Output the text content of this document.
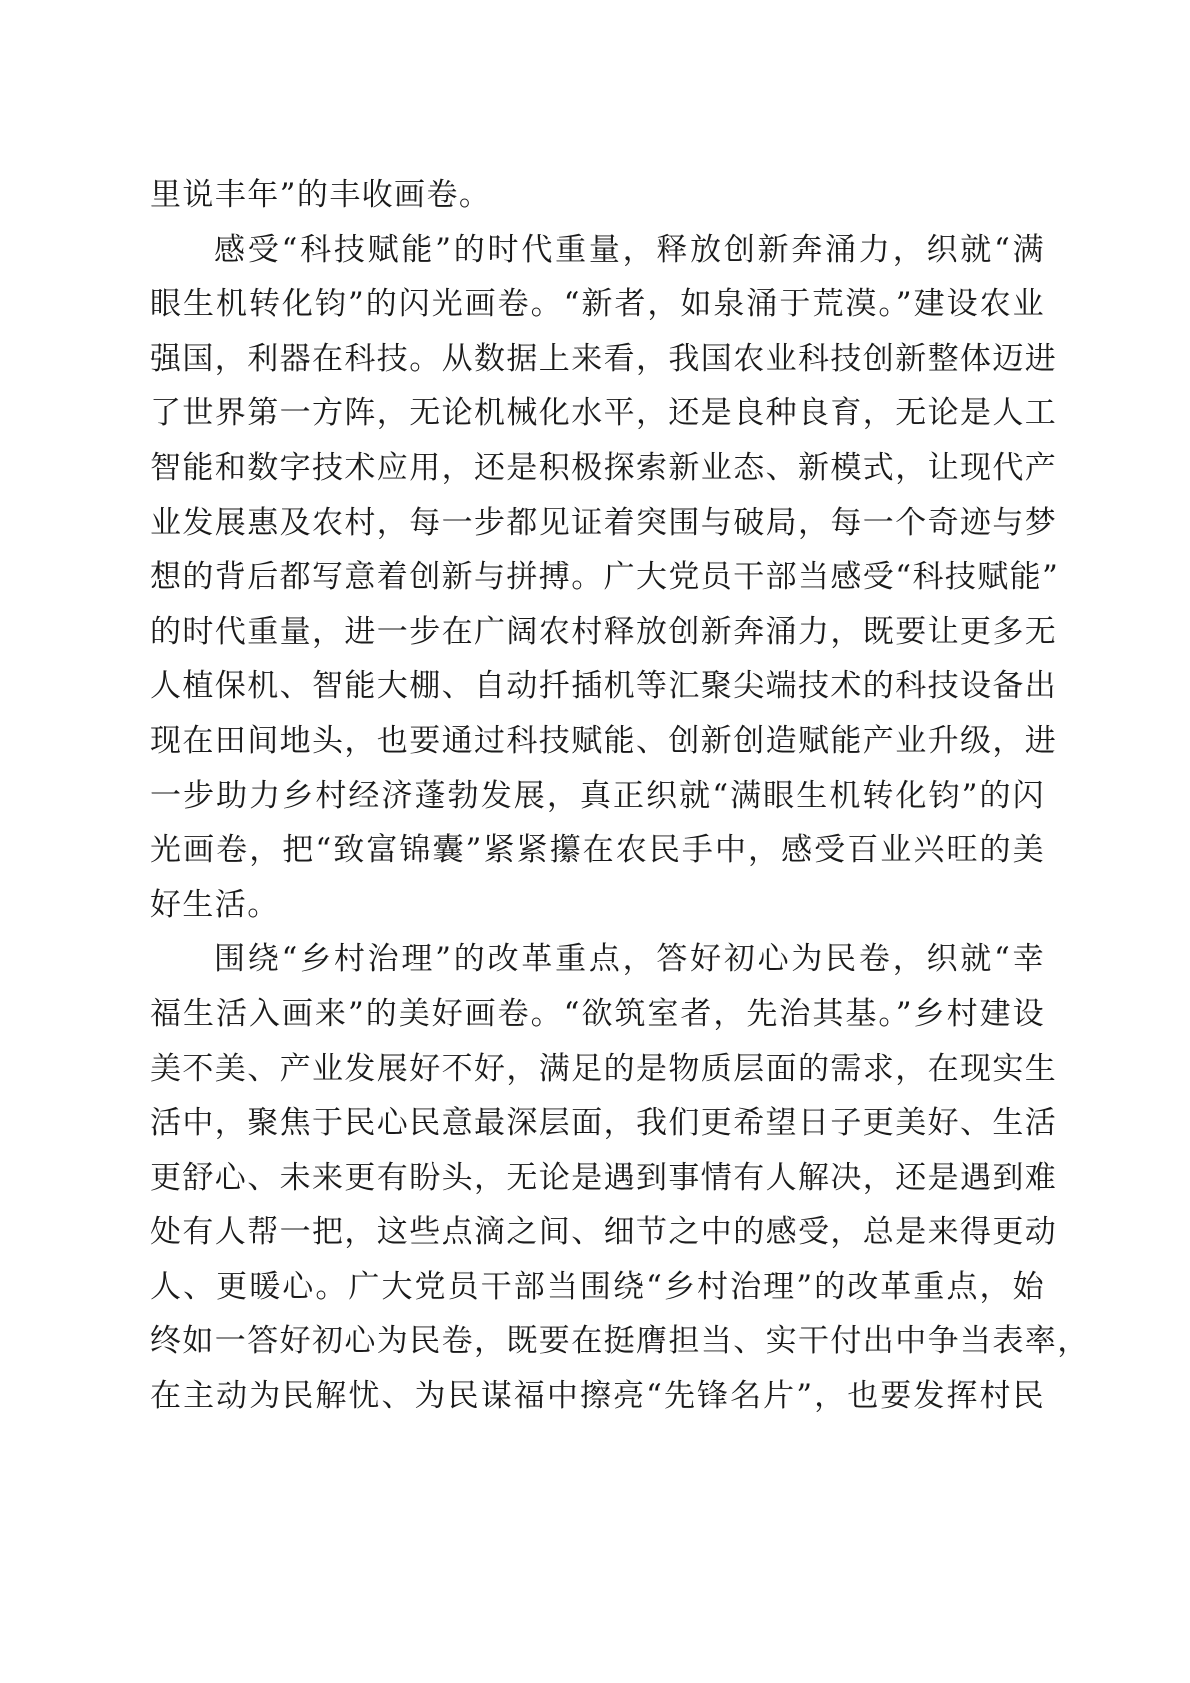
里说丰年”的丰收画卷。
感受“科技赋能”的时代重量，释放创新奔涌力，织就“满
眼生机转化钧”的闪光画卷。“新者，如泉涌于荒漠。”建设农业
强国，利器在科技。从数据上来看，我国农业科技创新整体迈进
了世界第一方阵，无论机械化水平，还是良种良育，无论是人工
智能和数字技术应用，还是积极探索新业态、新模式，让现代产
业发展惠及农村，每一步都见证着突围与破局，每一个奇迹与梦
想的背后都写意着创新与拼搏。广大党员干部当感受“科技赋能”
的时代重量，进一步在广阔农村释放创新奔涌力，既要让更多无
人植保机、智能大棚、自动扦插机等汇聚尖端技术的科技设备出
现在田间地头，也要通过科技赋能、创新创造赋能产业升级，进
一步助力乡村经济蓬勃发展，真正织就“满眼生机转化钧”的闪
光画卷，把“致富锦囊”紧紧攥在农民手中，感受百业兴旺的美
好生活。
围绕“乡村治理”的改革重点，答好初心为民卷，织就“幸
福生活入画来”的美好画卷。“欲筑室者，先治其基。”乡村建设
美不美、产业发展好不好，满足的是物质层面的需求，在现实生
活中，聚焦于民心民意最深层面，我们更希望日子更美好、生活
更舒心、未来更有盼头，无论是遇到事情有人解决，还是遇到难
处有人帮一把，这些点滴之间、细节之中的感受，总是来得更动
人、更暖心。广大党员干部当围绕“乡村治理”的改革重点，始
终如一答好初心为民卷，既要在挺膺担当、实干付出中争当表率，
在主动为民解忧、为民谋福中擦亮“先锋名片”，也要发挥村民
